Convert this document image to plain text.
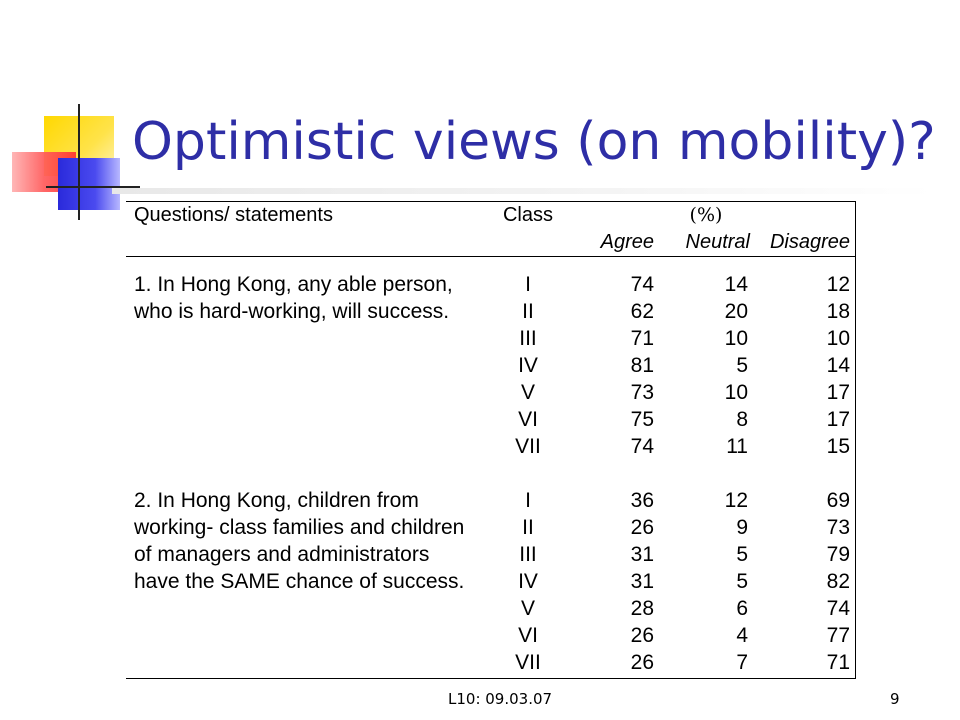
Optimistic views (on mobility)?
Questions/ statements	Class	(%)
Agree	Neutral Disagree
1. In Hong Kong, any able person,
who is hard-working, will success.
I	74	14	12
II	62	20	18
III	71	10	10
IV	81	5	14
V	73	10	17
VI	75	8	17
VII	74	11	15
2. In Hong Kong, children from
working- class families and children
of managers and administrators
have the SAME chance of success.
I	36	12	69
II	26	9	73
III	31	5	79
IV	31	5	82
V	28	6	74
VI	26	4	77
VII	26	7	71
L10: 09.03.07	9
